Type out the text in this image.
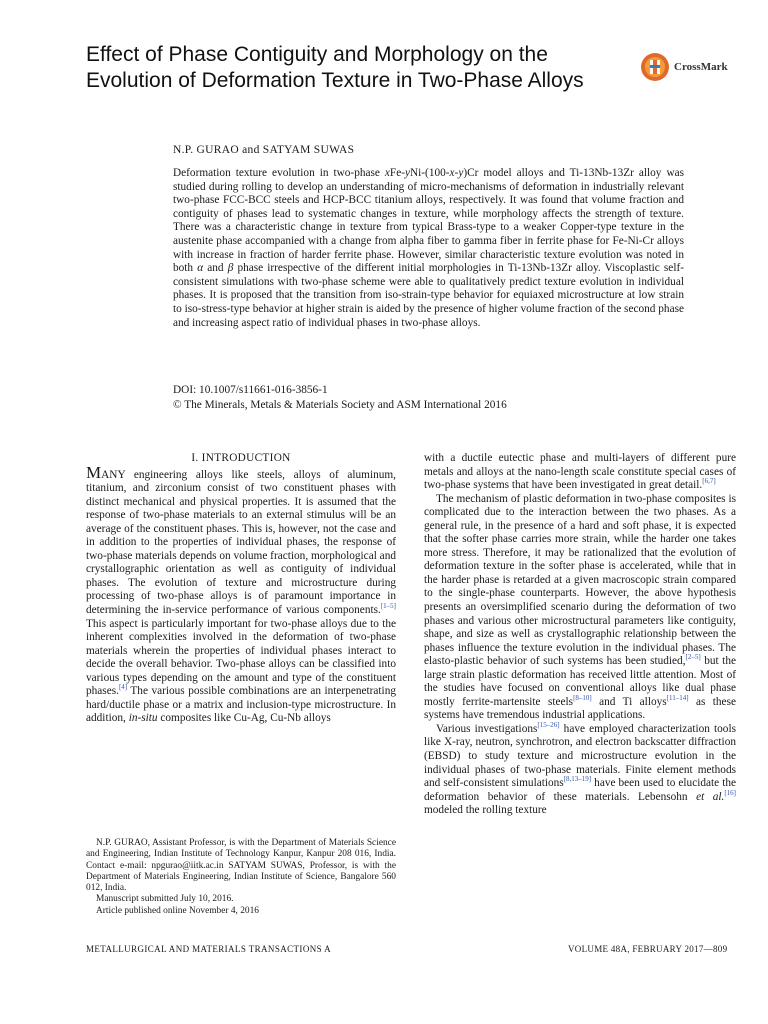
Effect of Phase Contiguity and Morphology on the Evolution of Deformation Texture in Two-Phase Alloys
CrossMark
N.P. GURAO and SATYAM SUWAS

Deformation texture evolution in two-phase xFe-yNi-(100-x-y)Cr model alloys and Ti-13Nb-13Zr alloy was studied during rolling to develop an understanding of micro-mechanisms of deformation in industrially relevant two-phase FCC-BCC steels and HCP-BCC titanium alloys, respectively. It was found that volume fraction and contiguity of phases lead to systematic changes in texture, while morphology affects the strength of texture. There was a characteristic change in texture from typical Brass-type to a weaker Copper-type texture in the austenite phase accompanied with a change from alpha fiber to gamma fiber in ferrite phase for Fe-Ni-Cr alloys with increase in fraction of harder ferrite phase. However, similar characteristic texture evolution was noted in both α and β phase irrespective of the different initial morphologies in Ti-13Nb-13Zr alloy. Viscoplastic self-consistent simulations with two-phase scheme were able to qualitatively predict texture evolution in individual phases. It is proposed that the transition from iso-strain-type behavior for equiaxed microstructure at low strain to iso-stress-type behavior at higher strain is aided by the presence of higher volume fraction of the second phase and increasing aspect ratio of individual phases in two-phase alloys.

DOI: 10.1007/s11661-016-3856-1
© The Minerals, Metals & Materials Society and ASM International 2016

I. INTRODUCTION

MANY engineering alloys like steels, alloys of aluminum, titanium, and zirconium consist of two constituent phases with distinct mechanical and physical properties. It is assumed that the response of two-phase materials to an external stimulus will be an average of the constituent phases. This is, however, not the case and in addition to the properties of individual phases, the response of two-phase materials depends on volume fraction, morphological and crystallographic orientation as well as contiguity of individual phases. The evolution of texture and microstructure during processing of two-phase alloys is of paramount importance in determining the in-service performance of various components.[1–5] This aspect is particularly important for two-phase alloys due to the inherent complexities involved in the deformation of two-phase materials wherein the properties of individual phases interact to decide the overall behavior. Two-phase alloys can be classified into various types depending on the amount and type of the constituent phases.[4] The various possible combinations are an interpenetrating hard/ductile phase or a matrix and inclusion-type microstructure. In addition, in-situ composites like Cu-Ag, Cu-Nb alloys

with a ductile eutectic phase and multi-layers of different pure metals and alloys at the nano-length scale constitute special cases of two-phase systems that have been investigated in great detail.[6,7]

The mechanism of plastic deformation in two-phase composites is complicated due to the interaction between the two phases. As a general rule, in the presence of a hard and soft phase, it is expected that the softer phase carries more strain, while the harder one takes more stress. Therefore, it may be rationalized that the evolution of deformation texture in the softer phase is accelerated, while that in the harder phase is retarded at a given macroscopic strain compared to the single-phase counterparts. However, the above hypothesis presents an oversimplified scenario during the deformation of two phases and various other microstructural parameters like contiguity, shape, and size as well as crystallographic relationship between the phases influence the texture evolution in the individual phases. The elasto-plastic behavior of such systems has been studied,[2–5] but the large strain plastic deformation has received little attention. Most of the studies have focused on conventional alloys like dual phase mostly ferrite-martensite steels[8–10] and Ti alloys[11–14] as these systems have tremendous industrial applications.

Various investigations[15–26] have employed characterization tools like X-ray, neutron, synchrotron, and electron backscatter diffraction (EBSD) to study texture and microstructure evolution in the individual phases of two-phase materials. Finite element methods and self-consistent simulations[8,13–19] have been used to elucidate the deformation behavior of these materials. Lebensohn et al.[16] modeled the rolling texture

N.P. GURAO, Assistant Professor, is with the Department of Materials Science and Engineering, Indian Institute of Technology Kanpur, Kanpur 208 016, India. Contact e-mail: npgurao@iitk.ac.in SATYAM SUWAS, Professor, is with the Department of Materials Engineering, Indian Institute of Science, Bangalore 560 012, India.

Manuscript submitted July 10, 2016.

Article published online November 4, 2016

METALLURGICAL AND MATERIALS TRANSACTIONS A	VOLUME 48A, FEBRUARY 2017—809
